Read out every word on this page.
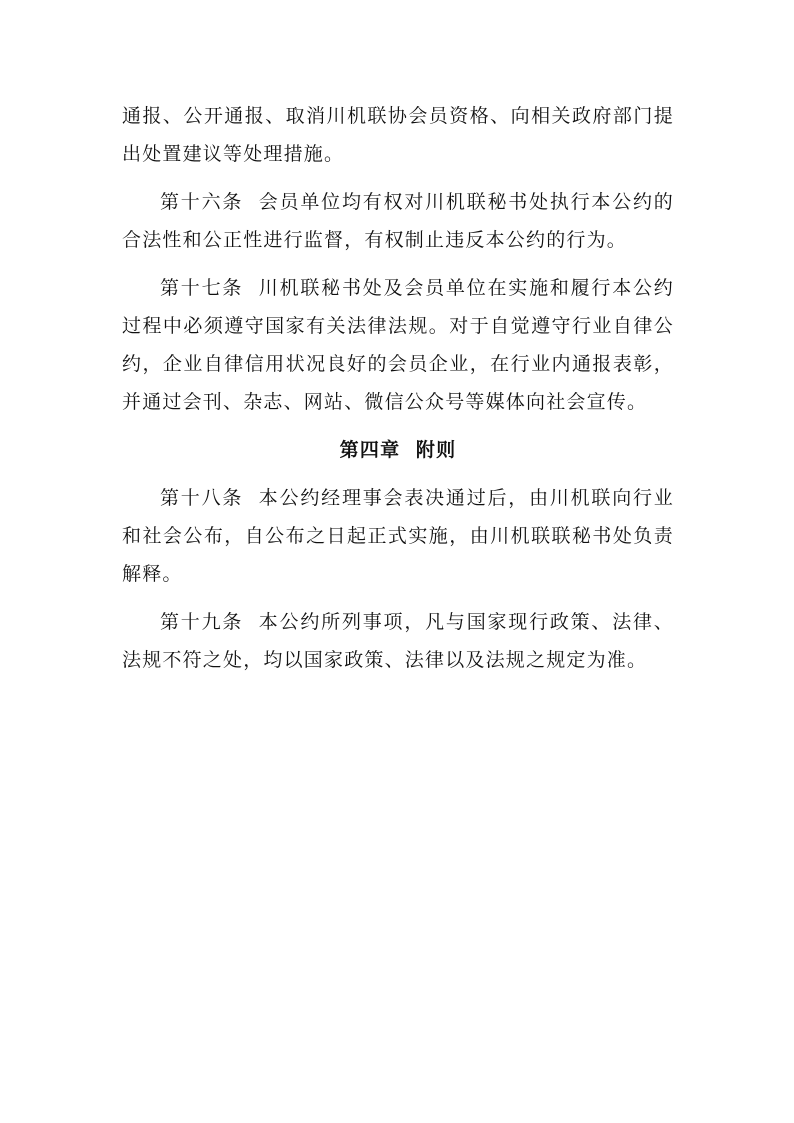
通报、公开通报、取消川机联协会员资格、向相关政府部门提出处置建议等处理措施。

第十六条  会员单位均有权对川机联秘书处执行本公约的合法性和公正性进行监督，有权制止违反本公约的行为。

第十七条  川机联秘书处及会员单位在实施和履行本公约过程中必须遵守国家有关法律法规。对于自觉遵守行业自律公约，企业自律信用状况良好的会员企业，在行业内通报表彰，并通过会刊、杂志、网站、微信公众号等媒体向社会宣传。

第四章  附则

第十八条  本公约经理事会表决通过后，由川机联向行业和社会公布，自公布之日起正式实施，由川机联联秘书处负责解释。

第十九条  本公约所列事项，凡与国家现行政策、法律、法规不符之处，均以国家政策、法律以及法规之规定为准。
